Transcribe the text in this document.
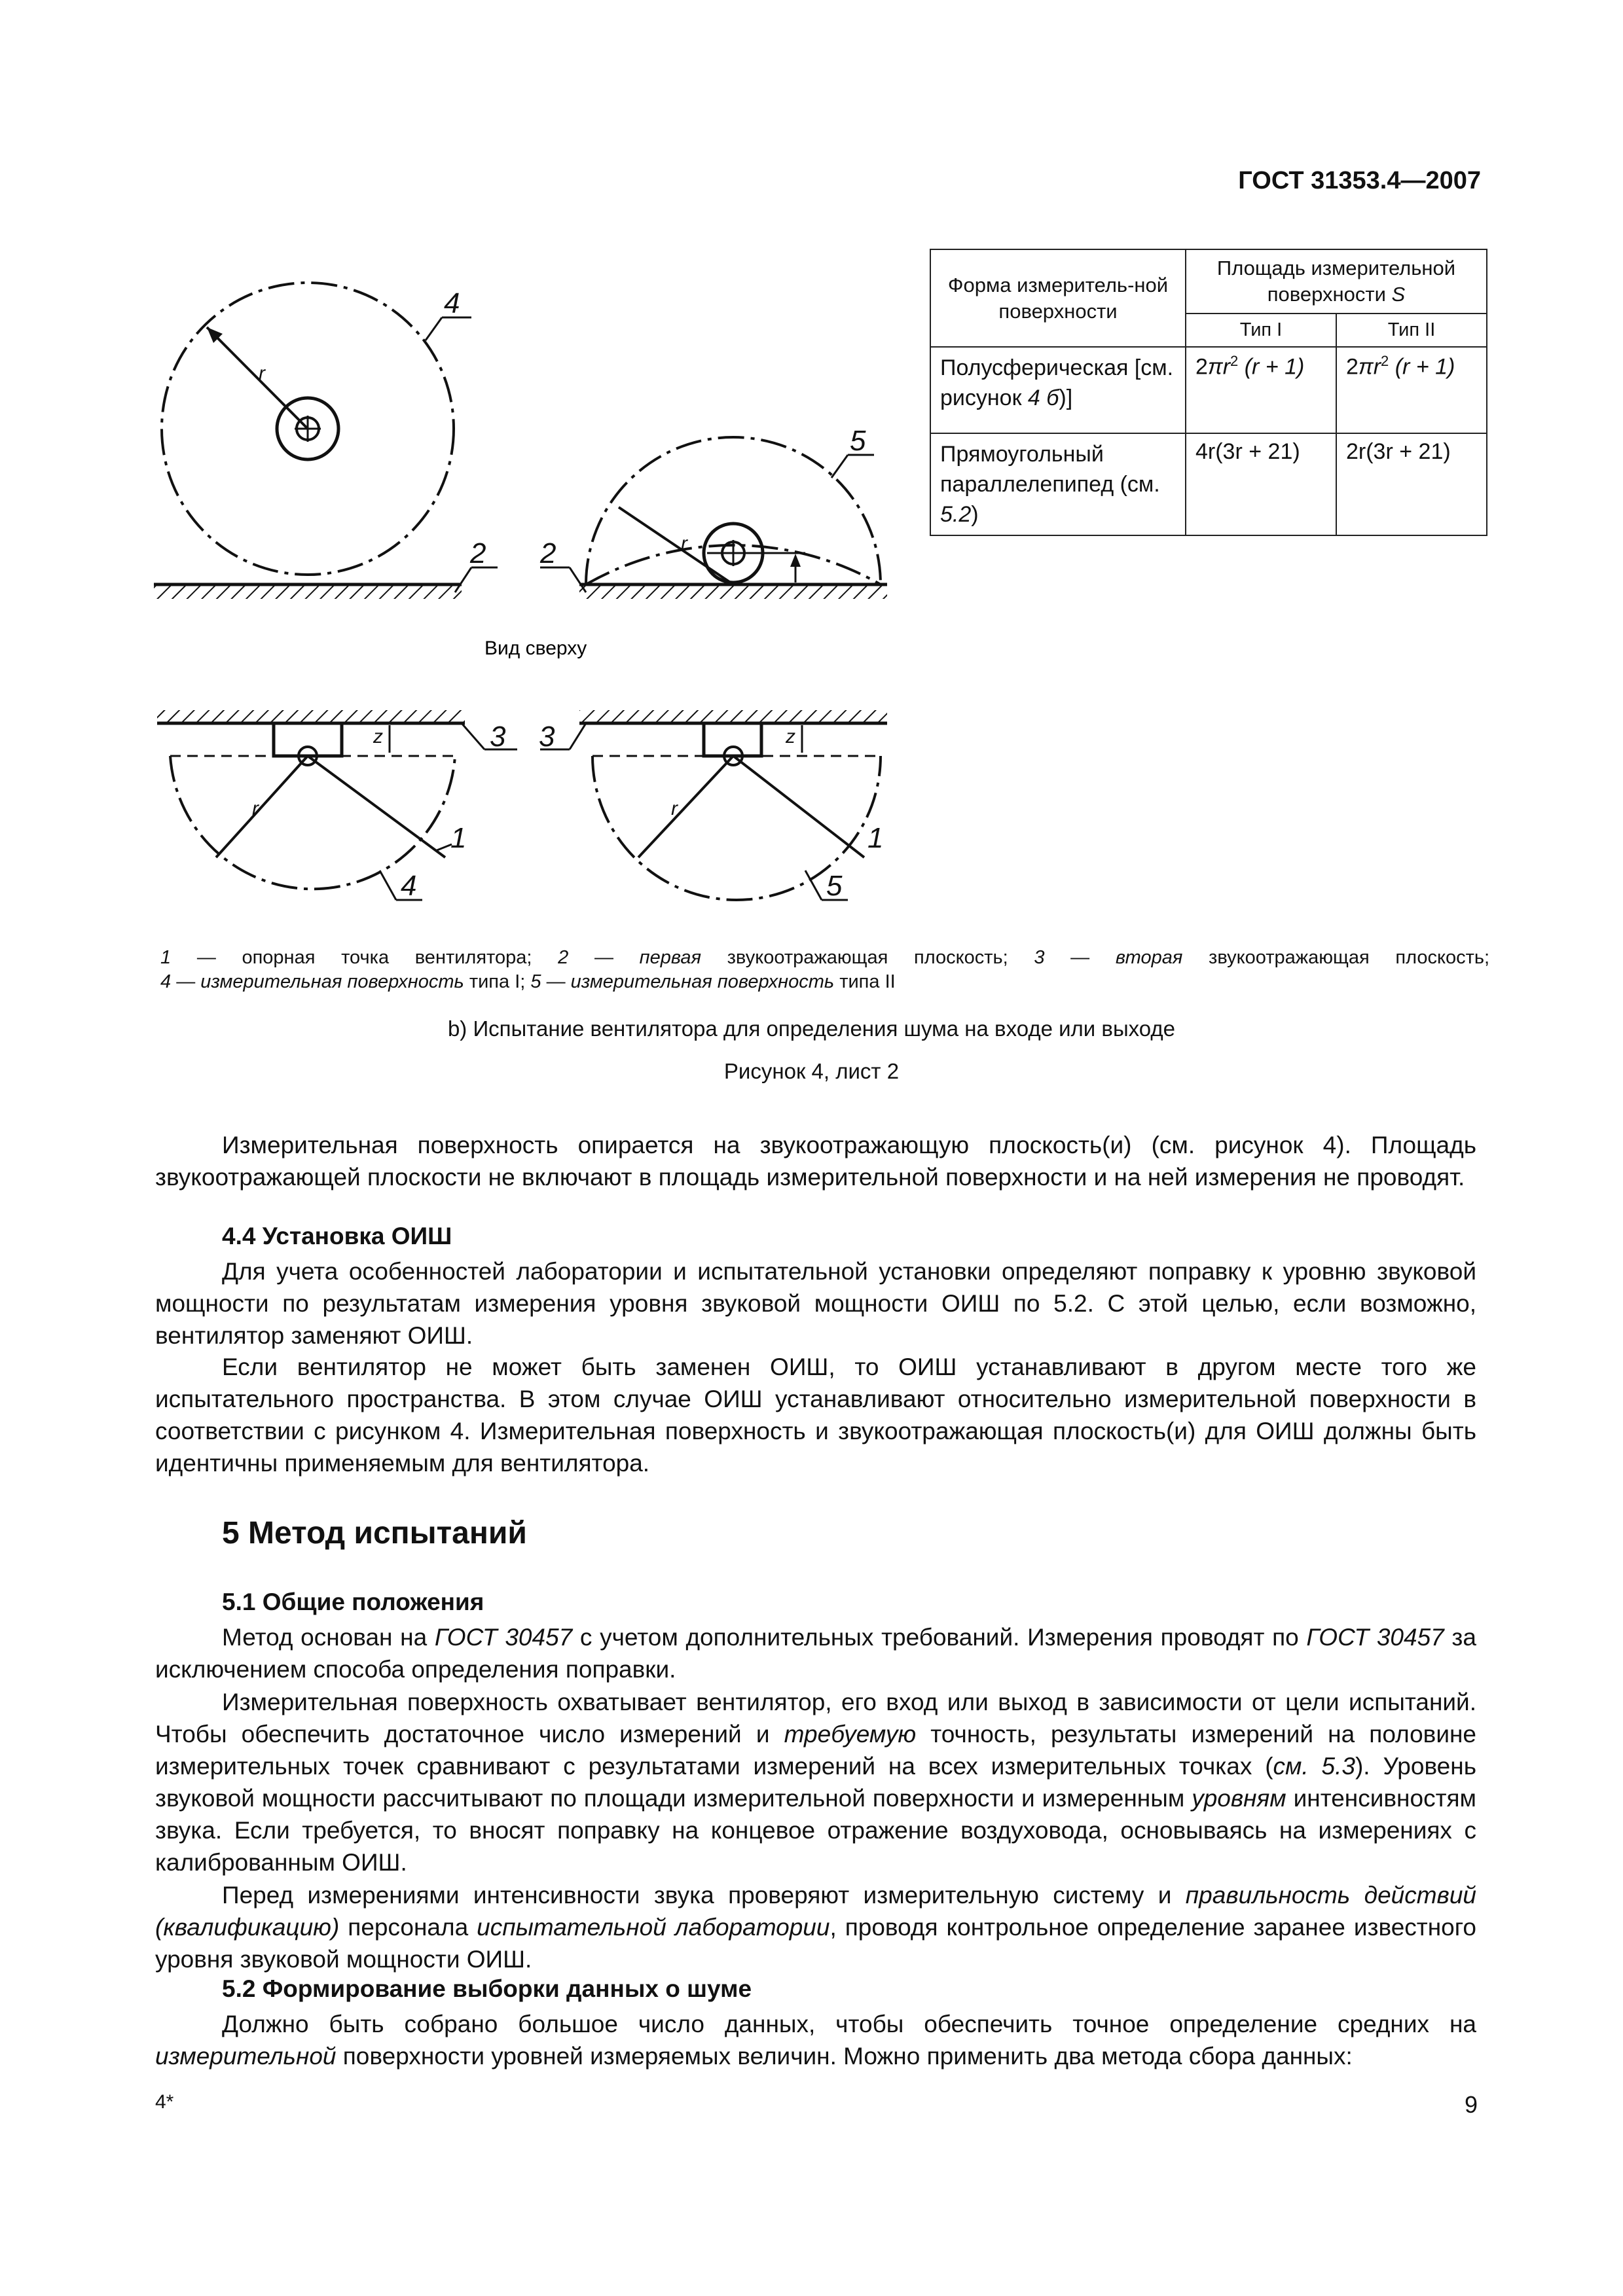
ГОСТ 31353.4—2007
Вид сверху
4
2 2
5
3 3
1	1
4	5
r
r
r	r
z	z
Форма измеритель-ной поверхности	Площадь измерительной поверхности S	
	Тип I	Тип II
Полусферическая [см. рисунок 4 б)]	$2\pi r^2$ (r + 1)	$2\pi r^2$ (r + 1)
Прямоугольный параллелепипед (см. 5.2)	4r(3r + 21)	2r(3r + 21)
1 — опорная точка вентилятора; 2 — первая звукоотражающая плоскость; 3 — вторая звукоотражающая плоскость;
4 — измерительная поверхность типа I; 5 — измерительная поверхность типа II
b) Испытание вентилятора для определения шума на входе или выходе
Рисунок 4, лист 2

Измерительная поверхность опирается на звукоотражающую плоскость(и) (см. рисунок 4). Площадь звукоотражающей плоскости не включают в площадь измерительной поверхности и на ней измерения не проводят.

4.4 Установка ОИШ

Для учета особенностей лаборатории и испытательной установки определяют поправку к уровню звуковой мощности по результатам измерения уровня звуковой мощности ОИШ по 5.2. С этой целью, если возможно, вентилятор заменяют ОИШ.

Если вентилятор не может быть заменен ОИШ, то ОИШ устанавливают в другом месте того же испытательного пространства. В этом случае ОИШ устанавливают относительно измерительной поверхности в соответствии с рисунком 4. Измерительная поверхность и звукоотражающая плоскость(и) для ОИШ должны быть идентичны применяемым для вентилятора.

5 Метод испытаний
5.1 Общие положения

Метод основан на ГОСТ 30457 с учетом дополнительных требований. Измерения проводят по ГОСТ 30457 за исключением способа определения поправки.

Измерительная поверхность охватывает вентилятор, его вход или выход в зависимости от цели испытаний. Чтобы обеспечить достаточное число измерений и требуемую точность, результаты измерений на половине измерительных точек сравнивают с результатами измерений на всех измерительных точках (см. 5.3). Уровень звуковой мощности рассчитывают по площади измерительной поверхности и измеренным уровням интенсивностям звука. Если требуется, то вносят поправку на концевое отражение воздуховода, основываясь на измерениях с калиброванным ОИШ.

Перед измерениями интенсивности звука проверяют измерительную систему и правильность действий (квалификацию) персонала испытательной лаборатории, проводя контрольное определение заранее известного уровня звуковой мощности ОИШ.

5.2 Формирование выборки данных о шуме

Должно быть собрано большое число данных, чтобы обеспечить точное определение средних на измерительной поверхности уровней измеряемых величин. Можно применить два метода сбора данных:

4*	9
